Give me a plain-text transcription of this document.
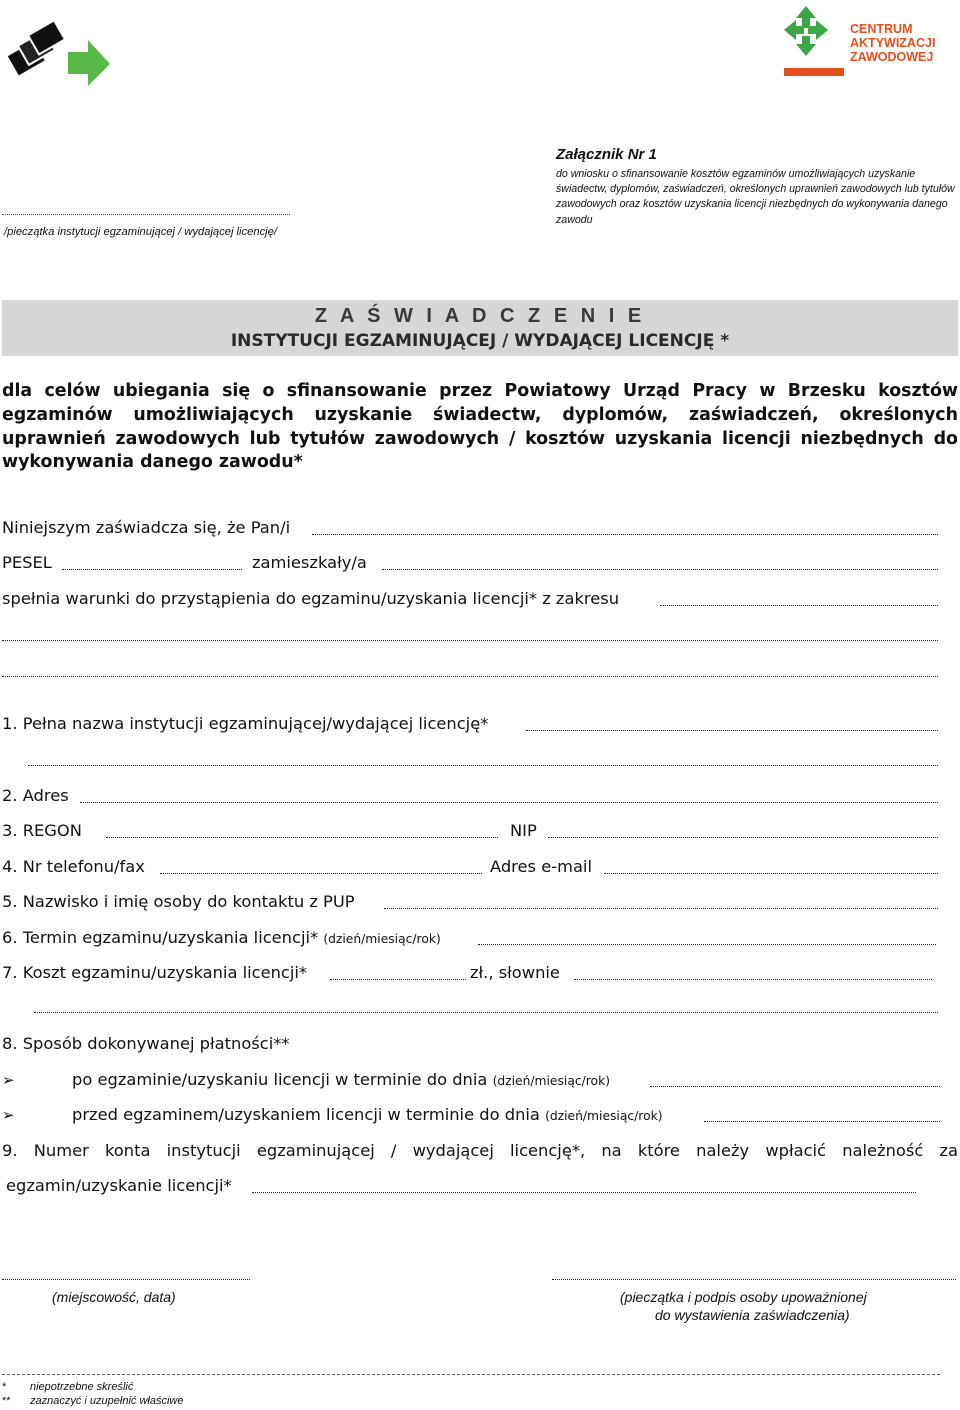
CENTRUM
AKTYWIZACJI
ZAWODOWEJ
Załącznik Nr 1
do wniosku o sfinansowanie kosztów egzaminów umożliwiających uzyskanie świadectw, dyplomów, zaświadczeń, określonych uprawnień zawodowych lub tytułów zawodowych oraz kosztów uzyskania licencji niezbędnych do wykonywania danego zawodu
/pieczątka instytucji egzaminującej / wydającej licencję/
Z A Ś W I A D C Z E N I E
INSTYTUCJI EGZAMINUJĄCEJ / WYDAJĄCEJ LICENCJĘ *
dla celów ubiegania się o sfinansowanie przez Powiatowy Urząd Pracy w Brzesku kosztów egzaminów umożliwiających uzyskanie świadectw, dyplomów, zaświadczeń, określonych uprawnień zawodowych lub tytułów zawodowych / kosztów uzyskania licencji niezbędnych do wykonywania danego zawodu*
Niniejszym zaświadcza się, że Pan/i
PESEL	zamieszkały/a
spełnia warunki do przystąpienia do egzaminu/uzyskania licencji* z zakresu
1. Pełna nazwa instytucji egzaminującej/wydającej licencję*
2. Adres
3. REGON	NIP
4. Nr telefonu/fax	Adres e-mail
5. Nazwisko i imię osoby do kontaktu z PUP
6. Termin egzaminu/uzyskania licencji* (dzień/miesiąc/rok)
7. Koszt egzaminu/uzyskania licencji*	zł., słownie
8. Sposób dokonywanej płatności**
➢	po egzaminie/uzyskaniu licencji w terminie do dnia (dzień/miesiąc/rok)
➢	przed egzaminem/uzyskaniem licencji w terminie do dnia (dzień/miesiąc/rok)
9. Numer konta instytucji egzaminującej / wydającej licencję*, na które należy wpłacić należność za
egzamin/uzyskanie licencji*
(miejscowość, data)	(pieczątka i podpis osoby upoważnionej
do wystawienia zaświadczenia)
* niepotrzebne skreślić
** zaznaczyć i uzupełnić właściwe
